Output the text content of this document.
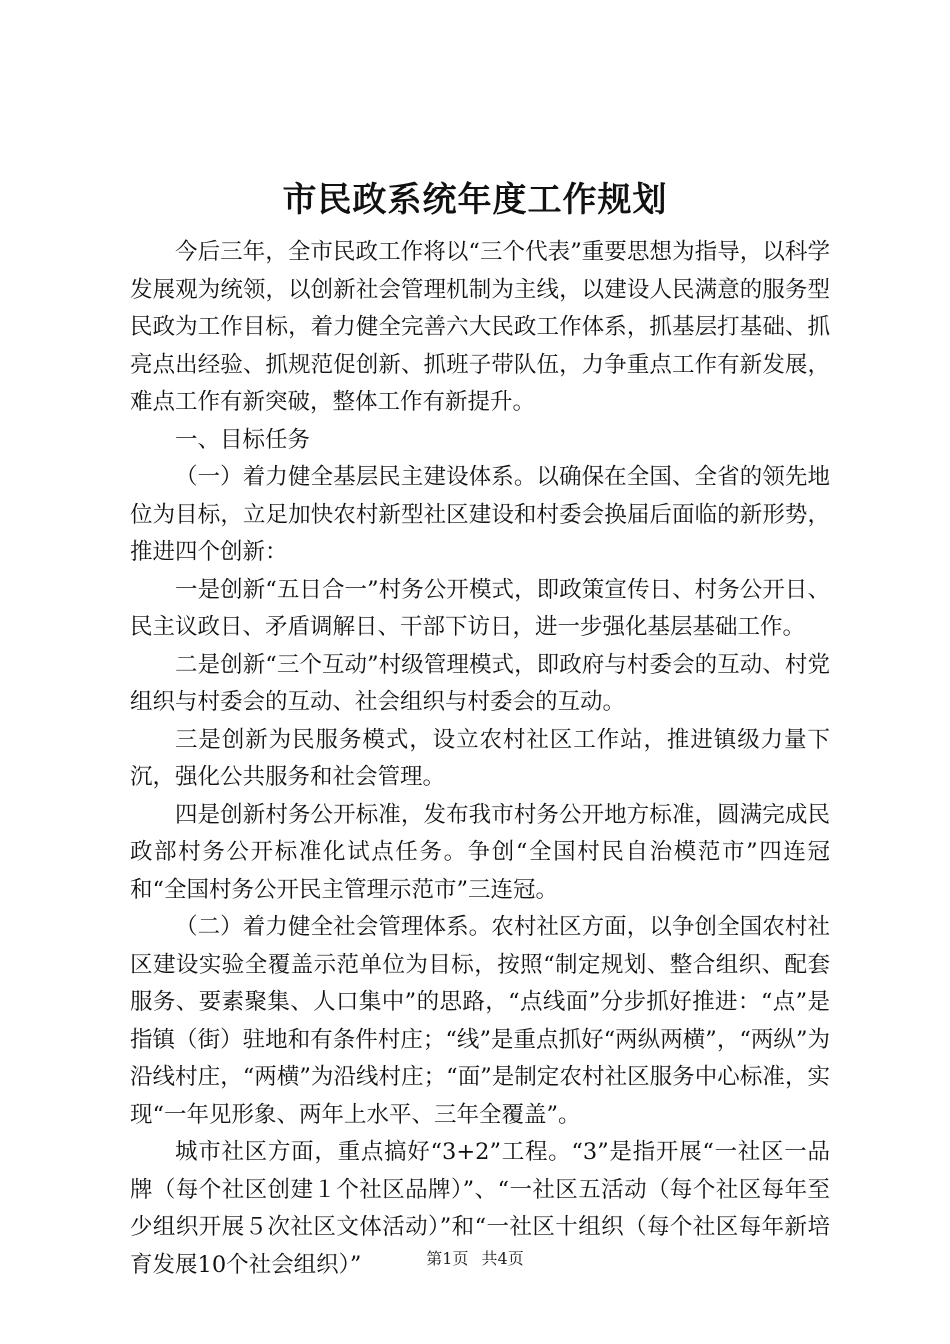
市民政系统年度工作规划

今后三年，全市民政工作将以“三个代表”重要思想为指导，以科学发展观为统领，以创新社会管理机制为主线，以建设人民满意的服务型民政为工作目标，着力健全完善六大民政工作体系，抓基层打基础、抓亮点出经验、抓规范促创新、抓班子带队伍，力争重点工作有新发展，难点工作有新突破，整体工作有新提升。

一、目标任务

（一）着力健全基层民主建设体系。以确保在全国、全省的领先地位为目标，立足加快农村新型社区建设和村委会换届后面临的新形势，推进四个创新：

一是创新“五日合一”村务公开模式，即政策宣传日、村务公开日、民主议政日、矛盾调解日、干部下访日，进一步强化基层基础工作。

二是创新“三个互动”村级管理模式，即政府与村委会的互动、村党组织与村委会的互动、社会组织与村委会的互动。

三是创新为民服务模式，设立农村社区工作站，推进镇级力量下沉，强化公共服务和社会管理。

四是创新村务公开标准，发布我市村务公开地方标准，圆满完成民政部村务公开标准化试点任务。争创“全国村民自治模范市”四连冠和“全国村务公开民主管理示范市”三连冠。

（二）着力健全社会管理体系。农村社区方面，以争创全国农村社区建设实验全覆盖示范单位为目标，按照“制定规划、整合组织、配套服务、要素聚集、人口集中”的思路，“点线面”分步抓好推进：“点”是指镇（街）驻地和有条件村庄；“线”是重点抓好“两纵两横”，“两纵”为沿线村庄，“两横”为沿线村庄；“面”是制定农村社区服务中心标准，实现“一年见形象、两年上水平、三年全覆盖”。

城市社区方面，重点搞好“3+2”工程。“3”是指开展“一社区一品牌（每个社区创建１个社区品牌）”、“一社区五活动（每个社区每年至少组织开展５次社区文体活动）”和“一社区十组织（每个社区每年新培育发展10个社会组织）”	第1页 共4页
